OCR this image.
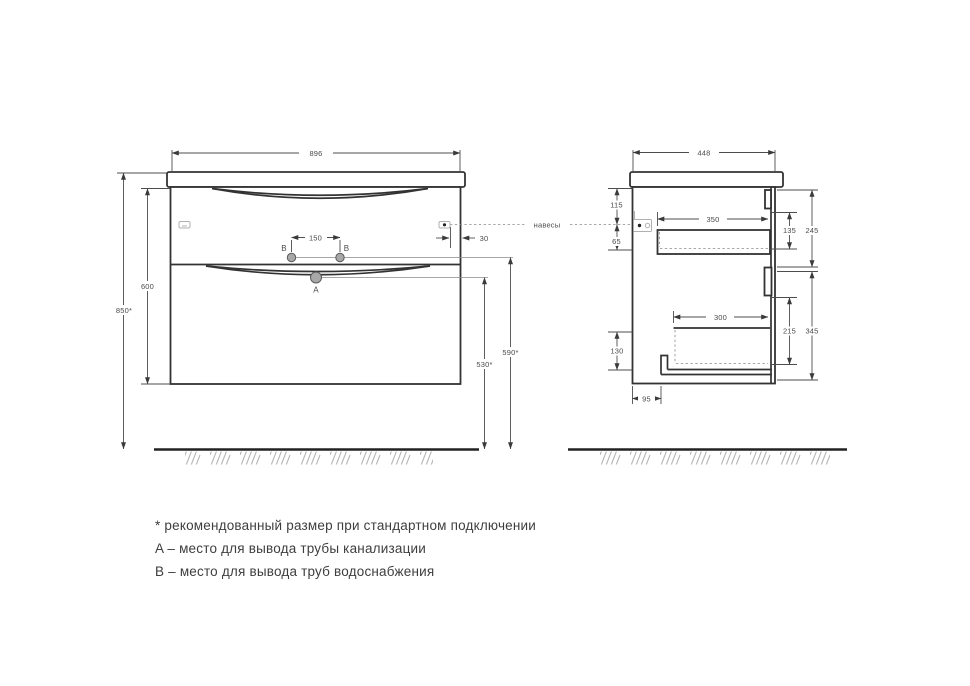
896
B	B
A
150	30
навесы
850*
600
530*
590*
448
350
135 245
300
215 345
130
95
115
65
* рекомендованный размер при стандартном подключении
A – место для вывода трубы канализации
B – место для вывода труб водоснабжения
